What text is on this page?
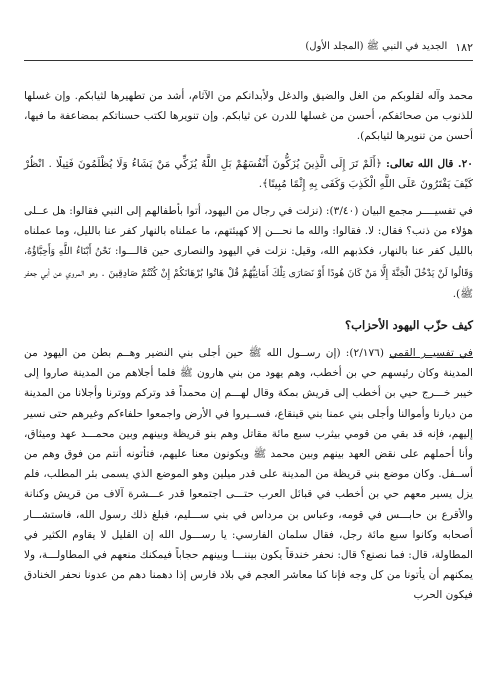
١٨٢
الجديد في النبي ﷺ (المجلد الأول)

محمد وآله لقلوبكم من الغل والضيق والدغل ولأبدانكم من الآثام، أشد من تطهيرها لثيابكم. وإن غسلها للذنوب من صحائفكم، أحسن من غسلها للدرن عن ثيابكم. وإن تنويرها لكتب حسناتكم بمضاعفة ما فيها، أحسن من تنويرها لثيابكم).

٢٠. قال الله تعالى: ﴿أَلَمْ تَرَ إِلَى الَّذِينَ يُزَكُّونَ أَنْفُسَهُمْ بَلِ اللَّهُ يُزَكِّي مَنْ يَشَاءُ وَلَا يُظْلَمُونَ فَتِيلًا . انْظُرْ كَيْفَ يَفْتَرُونَ عَلَى اللَّهِ الْكَذِبَ وَكَفَى بِهِ إِثْمًا مُبِينًا﴾.

في تفسيــــر مجمع البيان (٣/٤٠): (نزلت في رجال من اليهود، أتوا بأطفالهم إلى النبي فقالوا: هل عــلى هؤلاء من ذنب؟ فقال: لا. فقالوا: والله ما نحـــن إلا كهيئتهم، ما عملناه بالنهار كفر عنا بالليل، وما عملناه بالليل كفر عنا بالنهار، فكذبهم الله، وقيل: نزلت في اليهود والنصارى حين قالـــوا: نَحْنُ أَبْنَاءُ اللَّهِ وَأَحِبَّاؤُهُ، وَقَالُوا لَنْ يَدْخُلَ الْجَنَّةَ إِلَّا مَنْ كَانَ هُودًا أَوْ نَصَارَى تِلْكَ أَمَانِيُّهُمْ قُلْ هَاتُوا بُرْهَانَكُمْ إِنْ كُنْتُمْ صَادِقِينَ . وهو المروي عن أبي جعفر ﷺ).

كيف حزّب اليهود الأحزاب؟

في تفسيــر القمي (٢/١٧٦): (إن رســول الله ﷺ حين أجلى بني النضير وهــم بطن من اليهود من المدينة وكان رئيسهم حي بن أخطب، وهم يهود من بني هارون ﷺ فلما أجلاهم من المدينة صاروا إلى خيبر خـــرج حيي بن أخطب إلى قريش بمكة وقال لهـــم إن محمداً قد وتركم ووترنا وأجلانا من المدينة من ديارنا وأموالنا وأجلى بني عمنا بني قينقاع، فســيروا في الأرض واجمعوا حلفاءكم وغيرهم حتى نسير إليهم، فإنه قد بقي من قومي بيثرب سبع مائة مقاتل وهم بنو قريظة وبينهم وبين محمـــد عهد وميثاق، وأنا أحملهم على نقض العهد بينهم وبين محمد ﷺ ويكونون معنا عليهم، فتأتونه أنتم من فوق وهم من أســفل. وكان موضع بني قريظة من المدينة على قدر ميلين وهو الموضع الذي يسمى بئر المطلب، فلم يزل يسير معهم حي بن أخطب في قبائل العرب حتـــى اجتمعوا قدر عـــشرة آلاف من قريش وكنانة والأقرع بن حابـــس في قومه، وعباس بن مرداس في بني ســـليم، فبلغ ذلك رسول الله، فاستشـــار أصحابه وكانوا سبع مائة رجل، فقال سلمان الفارسي: يا رســـول الله إن القليل لا يقاوم الكثير في المطاولة، قال: فما نصنع؟ قال: نحفر خندقاً يكون بيننـــا وبينهم حجاباً فيمكنك منعهم في المطاولـــة، ولا يمكنهم أن يأتونا من كل وجه فإنا كنا معاشر العجم في بلاد فارس إذا دهمنا دهم من عدونا نحفر الخنادق فيكون الحرب
